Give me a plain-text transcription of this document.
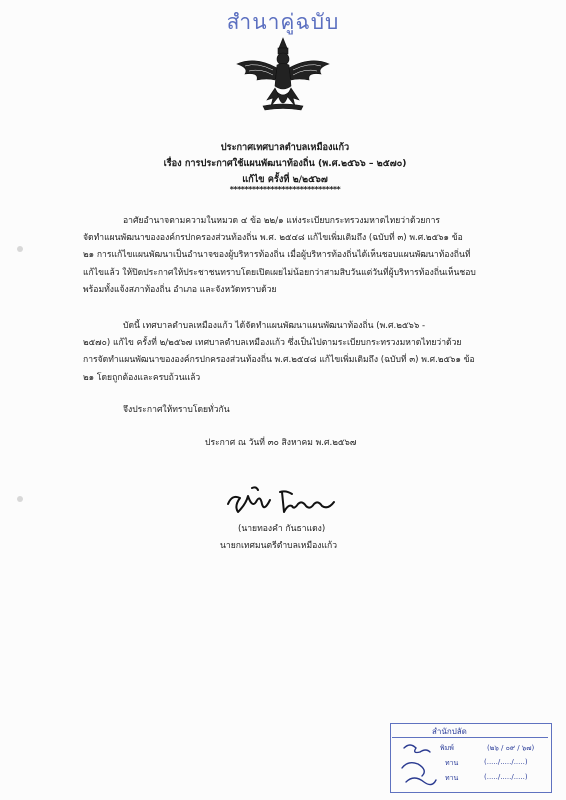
สำนาคู่ฉบับ
ประกาศเทศบาลตำบลเหมืองแก้ว
เรื่อง การประกาศใช้แผนพัฒนาท้องถิ่น (พ.ศ.๒๕๖๖ – ๒๕๗๐)
แก้ไข ครั้งที่ ๒/๒๕๖๗
******************************
อาศัยอำนาจตามความในหมวด ๔ ข้อ ๒๒/๑ แห่งระเบียบกระทรวงมหาดไทยว่าด้วยการ
จัดทำแผนพัฒนาขององค์กรปกครองส่วนท้องถิ่น พ.ศ. ๒๕๔๘ แก้ไขเพิ่มเติมถึง (ฉบับที่ ๓) พ.ศ.๒๕๖๑ ข้อ
๒๑ การแก้ไขแผนพัฒนาเป็นอำนาจของผู้บริหารท้องถิ่น เมื่อผู้บริหารท้องถิ่นได้เห็นชอบแผนพัฒนาท้องถิ่นที่
แก้ไขแล้ว ให้ปิดประกาศให้ประชาชนทราบโดยเปิดเผยไม่น้อยกว่าสามสิบวันแต่วันที่ผู้บริหารท้องถิ่นเห็นชอบ
พร้อมทั้งแจ้งสภาท้องถิ่น อำเภอ และจังหวัดทราบด้วย
บัดนี้ เทศบาลตำบลเหมืองแก้ว ได้จัดทำแผนพัฒนาแผนพัฒนาท้องถิ่น (พ.ศ.๒๕๖๖ -
๒๕๗๐) แก้ไข ครั้งที่ ๒/๒๕๖๗ เทศบาลตำบลเหมืองแก้ว ซึ่งเป็นไปตามระเบียบกระทรวงมหาดไทยว่าด้วย
การจัดทำแผนพัฒนาขององค์กรปกครองส่วนท้องถิ่น พ.ศ.๒๕๔๘ แก้ไขเพิ่มเติมถึง (ฉบับที่ ๓) พ.ศ.๒๕๖๑ ข้อ
๒๑ โดยถูกต้องและครบถ้วนแล้ว
จึงประกาศให้ทราบโดยทั่วกัน
ประกาศ ณ วันที่ ๓๐ สิงหาคม พ.ศ.๒๕๖๗
(นายทองคำ กันธาแดง)
นายกเทศมนตรีตำบลเหมืองแก้ว
สำนักปลัด
พิมพ์	(๒๖ / ๐๙ / ๖๗)
ทาน	(...../...../.....)
ทาน	(...../...../.....)
